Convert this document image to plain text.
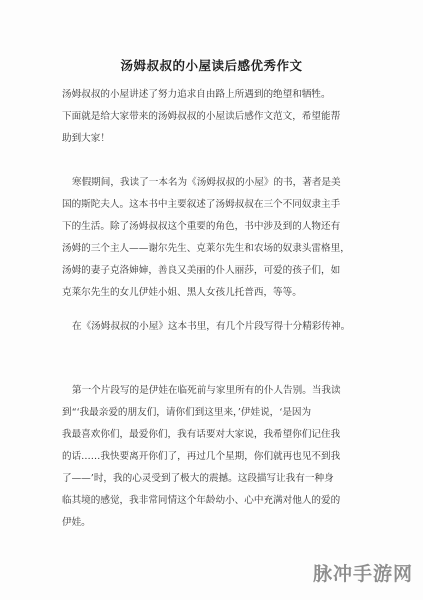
汤姆叔叔的小屋读后感优秀作文
汤姆叔叔的小屋讲述了努力追求自由路上所遇到的绝望和牺牲。
下面就是给大家带来的汤姆叔叔的小屋读后感作文范文，希望能帮
助到大家！
寒假期间，我读了一本名为《汤姆叔叔的小屋》的书，著者是美
国的斯陀夫人。这本书中主要叙述了汤姆叔叔在三个不同奴隶主手
下的生活。除了汤姆叔叔这个重要的角色，书中涉及到的人物还有
汤姆的三个主人——谢尔先生、克莱尔先生和农场的奴隶头雷格里，
汤姆的妻子克洛婶婶，善良又美丽的仆人丽莎，可爱的孩子们，如
克莱尔先生的女儿伊娃小姐、黑人女孩儿托普西，等等。
在《汤姆叔叔的小屋》这本书里，有几个片段写得十分精彩传神。
第一个片段写的是伊娃在临死前与家里所有的仆人告别。当我读
到“‘我最亲爱的朋友们，请你们到这里来，’伊娃说，‘是因为
我最喜欢你们，最爱你们，我有话要对大家说，我希望你们记住我
的话……我快要离开你们了，再过几个星期，你们就再也见不到我
了——’时，我的心灵受到了极大的震撼。这段描写让我有一种身
临其境的感觉，我非常同情这个年龄幼小、心中充满对他人的爱的
伊娃。
脉冲手游网
